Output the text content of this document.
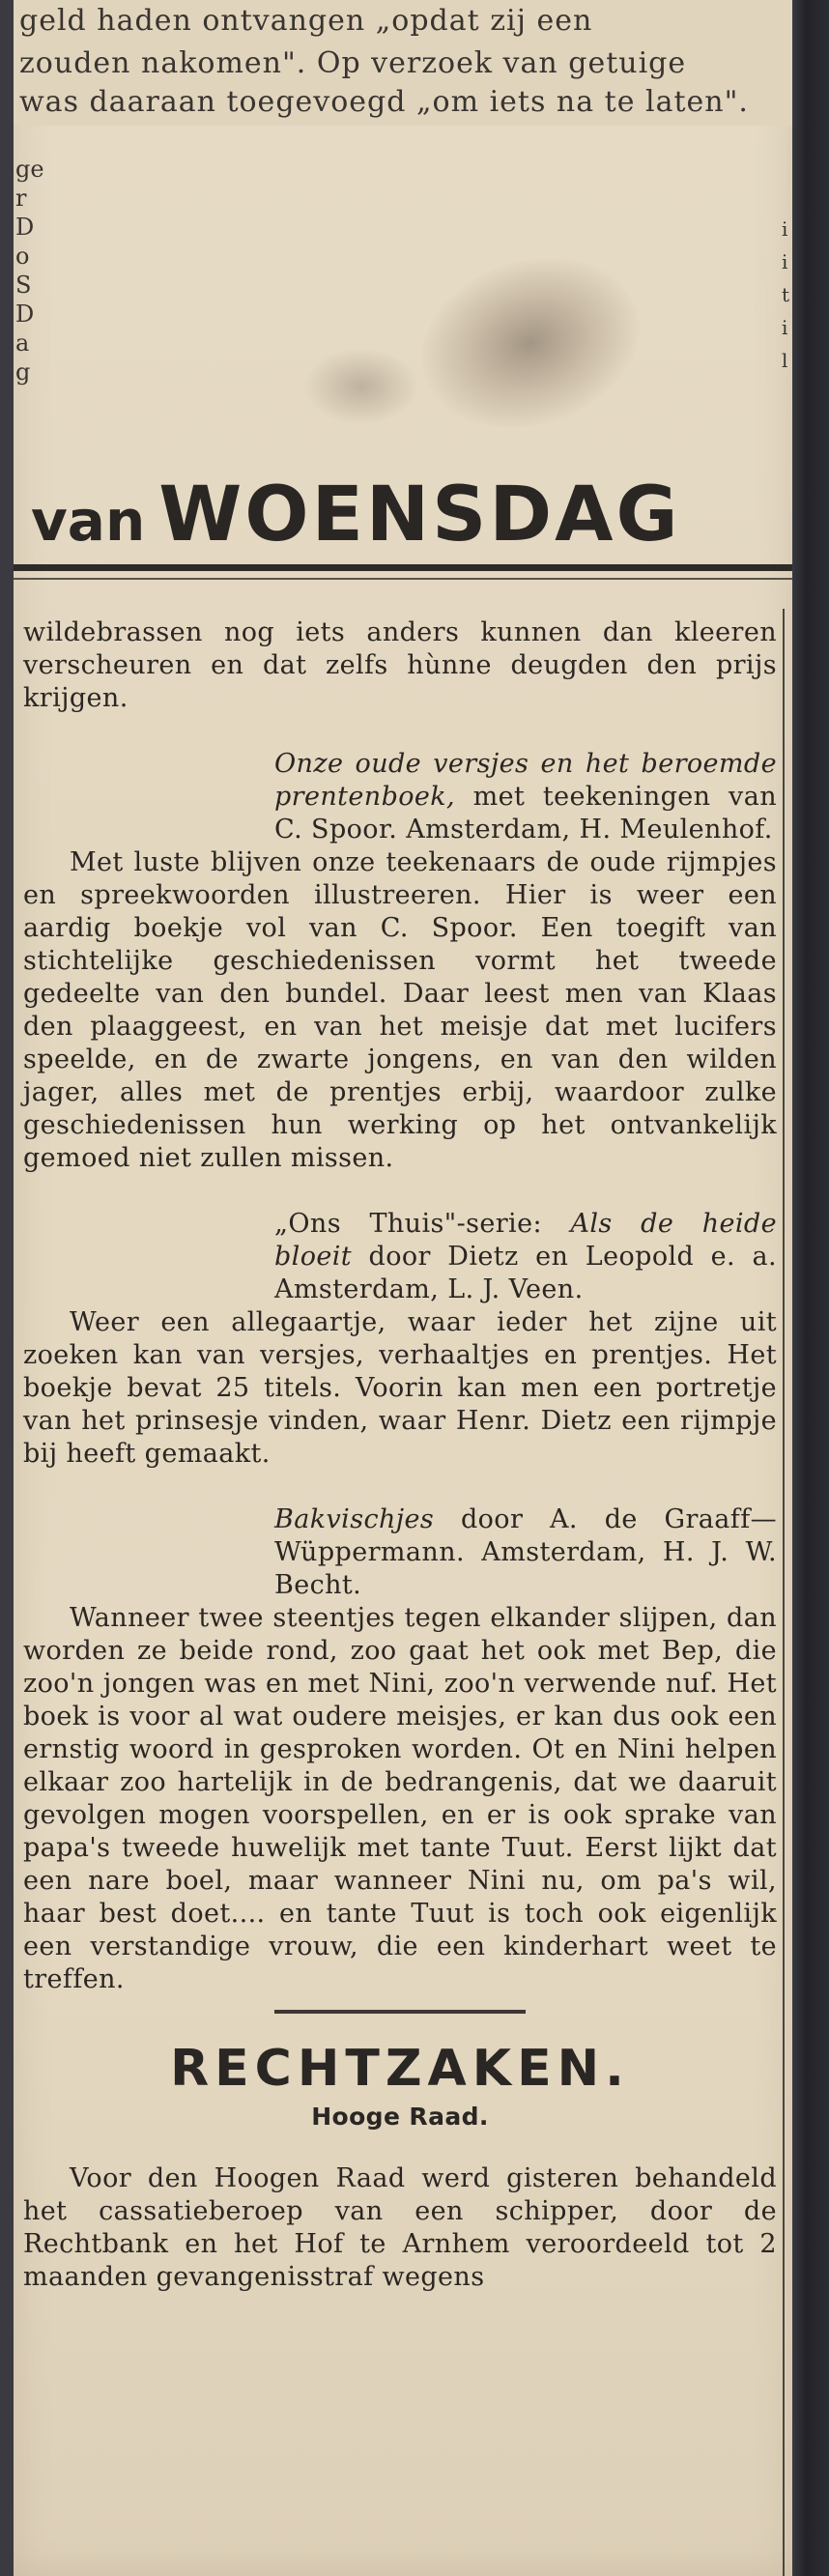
geld haden ontvangen „opdat zij een
zouden nakomen". Op verzoek van getuige
was daaraan toegevoegd „om iets na te laten".
ge
r
D
o
S
D
a
g
i
i
t
i
l
van WOENSDAG

wildebrassen nog iets anders kunnen dan kleeren verscheuren en dat zelfs hùnne deugden den prijs krijgen.

Onze oude versjes en het beroemde prentenboek, met teekeningen van C. Spoor. Amsterdam, H. Meulenhof.

Met luste blijven onze teekenaars de oude rijmpjes en spreekwoorden illustreeren. Hier is weer een aardig boekje vol van C. Spoor. Een toegift van stichtelijke geschiedenissen vormt het tweede gedeelte van den bundel. Daar leest men van Klaas den plaaggeest, en van het meisje dat met lucifers speelde, en de zwarte jongens, en van den wilden jager, alles met de prentjes erbij, waardoor zulke geschiedenissen hun werking op het ontvankelijk gemoed niet zullen missen.

„Ons Thuis"-serie: Als de heide bloeit door Dietz en Leopold e. a. Amsterdam, L. J. Veen.

Weer een allegaartje, waar ieder het zijne uit zoeken kan van versjes, verhaaltjes en prentjes. Het boekje bevat 25 titels. Voorin kan men een portretje van het prinsesje vinden, waar Henr. Dietz een rijmpje bij heeft gemaakt.

Bakvischjes door A. de Graaff—Wüppermann. Amsterdam, H. J. W. Becht.

Wanneer twee steentjes tegen elkander slijpen, dan worden ze beide rond, zoo gaat het ook met Bep, die zoo'n jongen was en met Nini, zoo'n verwende nuf. Het boek is voor al wat oudere meisjes, er kan dus ook een ernstig woord in gesproken worden. Ot en Nini helpen elkaar zoo hartelijk in de bedrangenis, dat we daaruit gevolgen mogen voorspellen, en er is ook sprake van papa's tweede huwelijk met tante Tuut. Eerst lijkt dat een nare boel, maar wanneer Nini nu, om pa's wil, haar best doet.... en tante Tuut is toch ook eigenlijk een verstandige vrouw, die een kinderhart weet te treffen.

RECHTZAKEN.
Hooge Raad.

Voor den Hoogen Raad werd gisteren behandeld het cassatieberoep van een schipper, door de Rechtbank en het Hof te Arnhem veroordeeld tot 2 maanden gevangenisstraf wegens
